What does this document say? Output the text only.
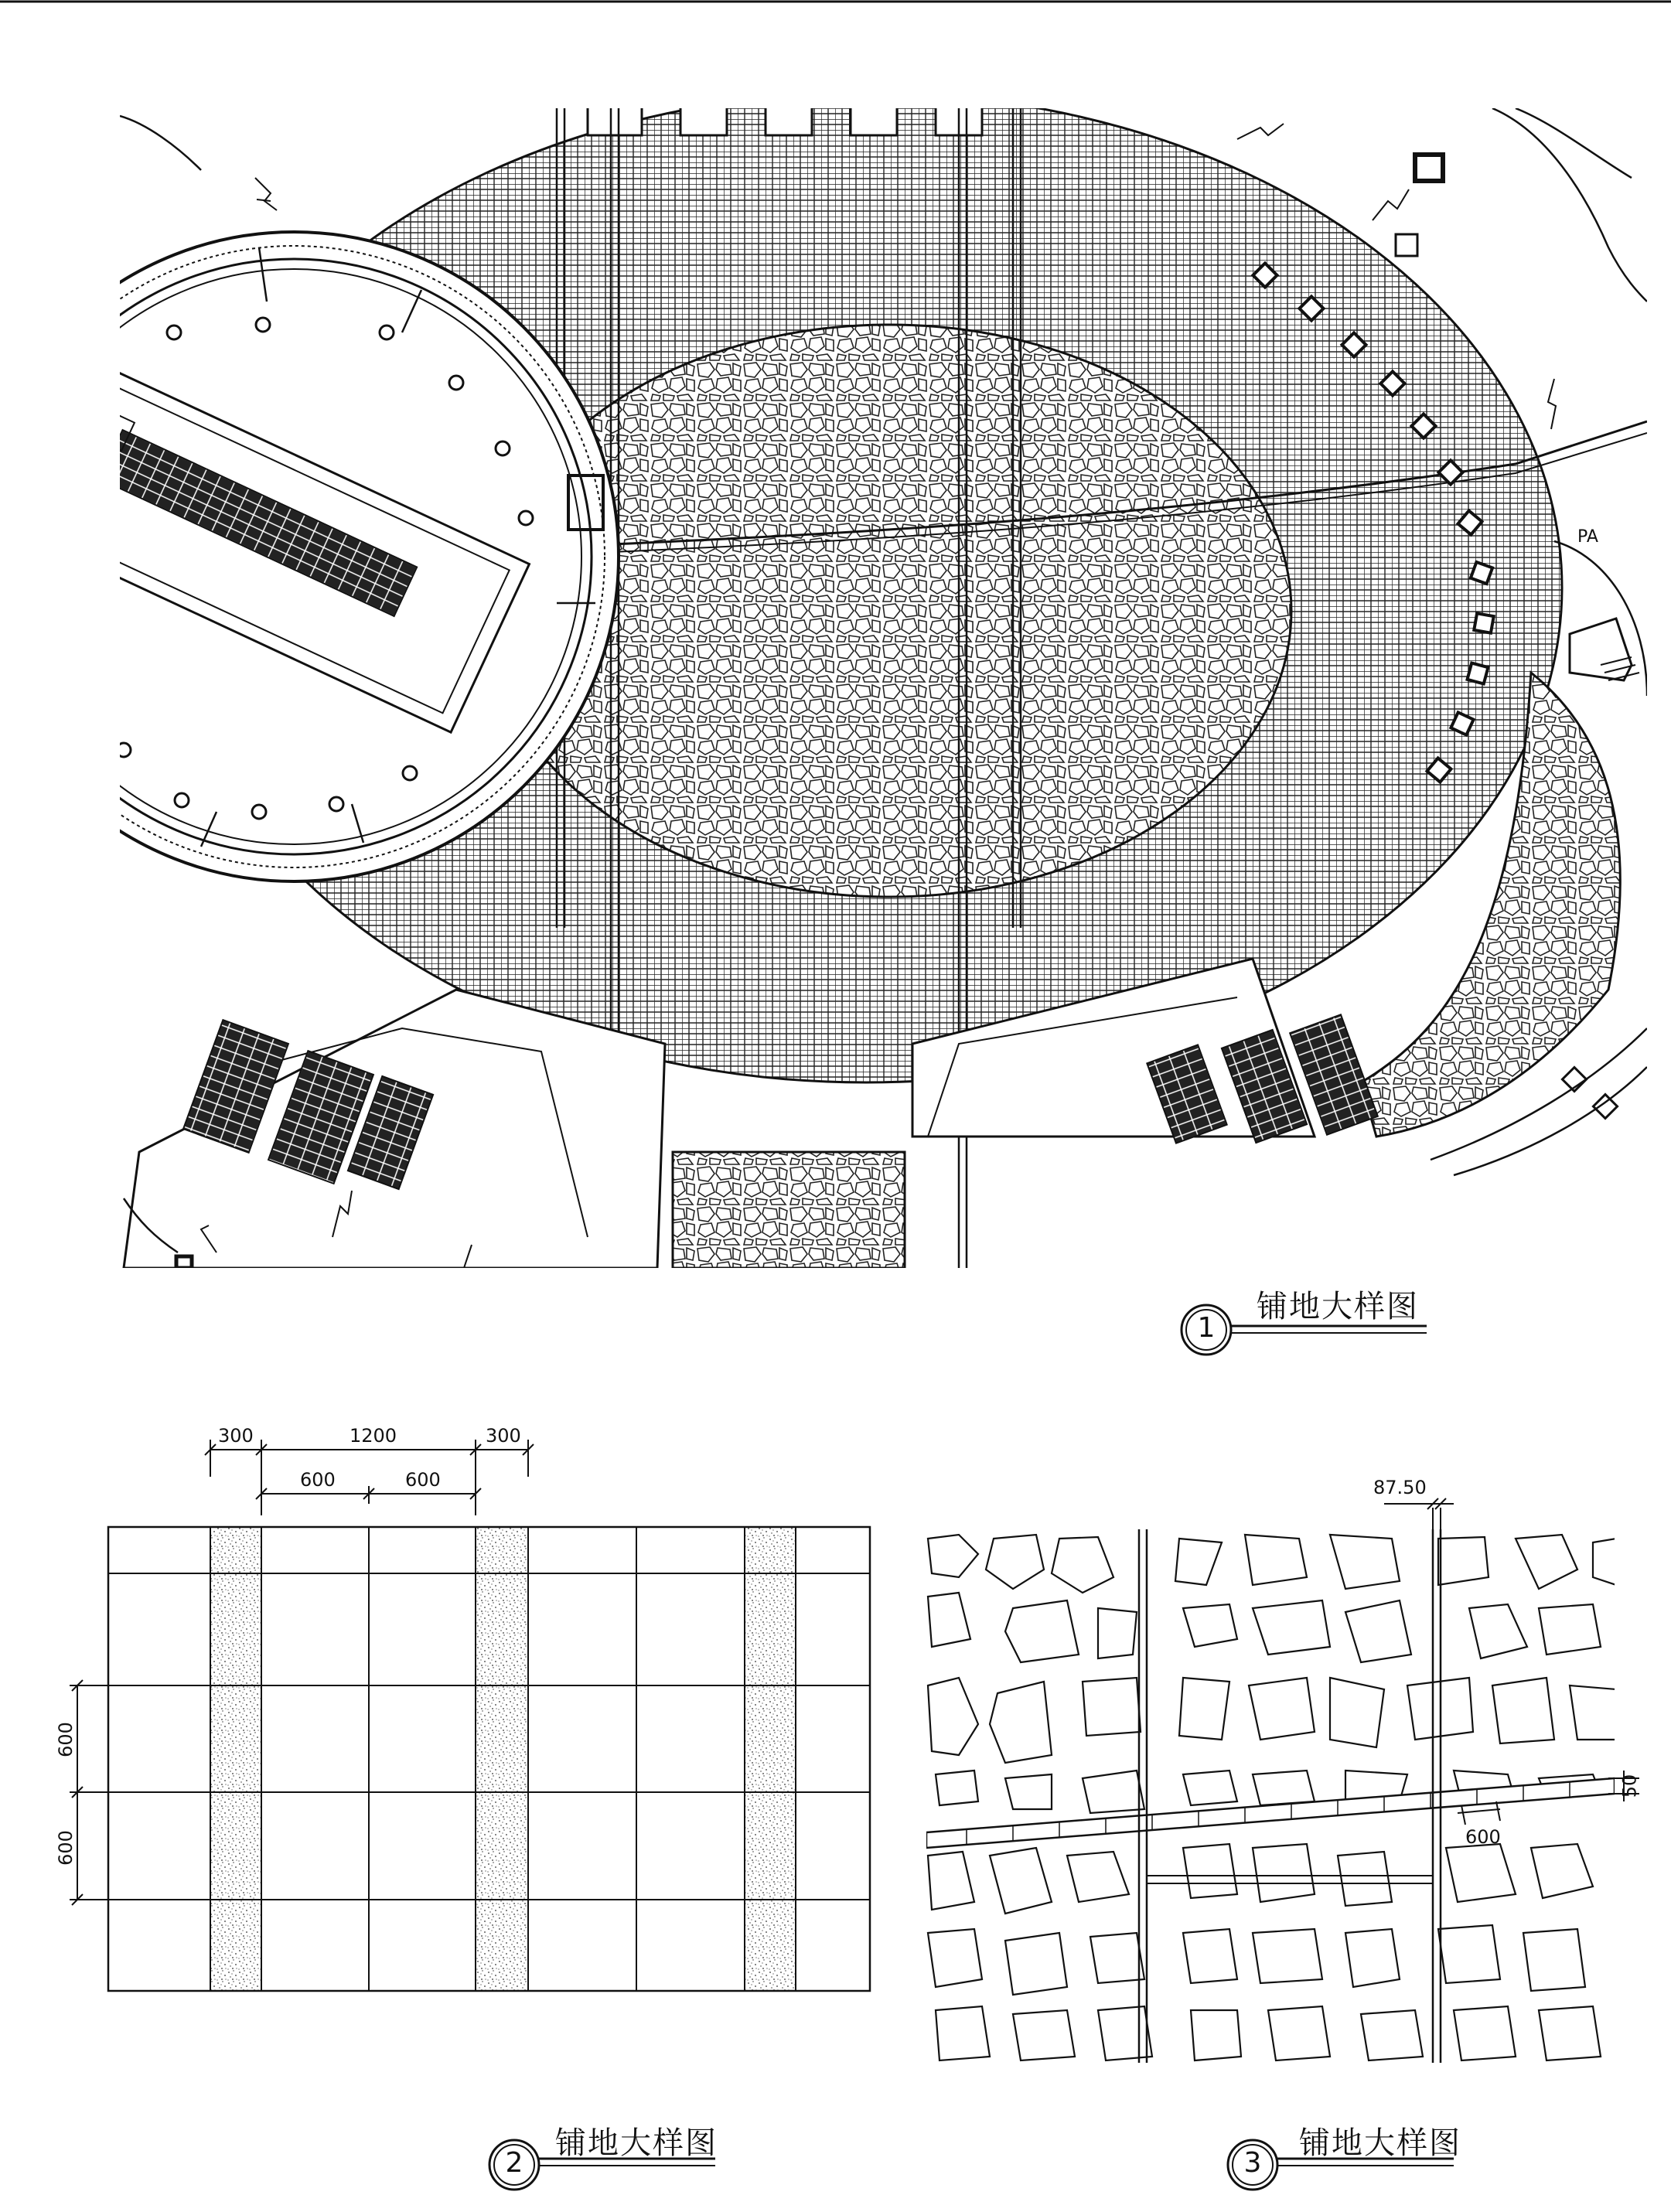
PA
1
铺地大样图
300	1200	300
600	600
600
600
2
铺地大样图
87.50
50
600
3
铺地大样图
